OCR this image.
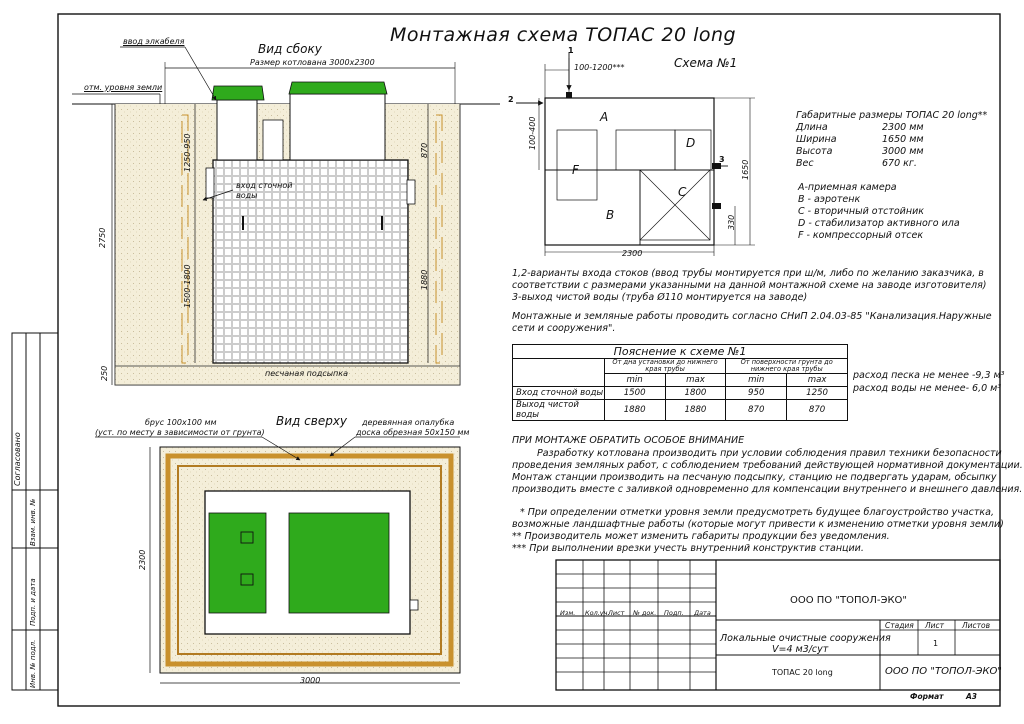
Монтажная схема ТОПАС 20 long
Вид сбоку
Размер котлована 3000х2300
ввод элкабеля
отм. уровня земли
вход сточной
воды
песчаная подсыпка
2750
1250-950
1500-1800
250
870
1880
Вид сверху
брус 100х100 мм
(уст. по месту в зависимости от грунта)
деревянная опалубка
доска обрезная 50х150 мм
2300
3000
Схема №1
1
2
3
100-1200***
100-400
1650
330
2300
A
D
F
C
B
Габаритные размеры ТОПАС 20 long**
Длина	2300 мм
Ширина	1650 мм
Высота	3000 мм
Вес	670 кг.
A-приемная камера
B - аэротенк
C - вторичный отстойник
D - стабилизатор активного ила
F - компрессорный отсек
1,2-варианты входа стоков (ввод трубы монтируется при ш/м, либо по желанию заказчика, в
соответствии с размерами указанными на данной монтажной схеме на заводе изготовителя)
3-выход чистой воды (труба Ø110 монтируется на заводе)
Монтажные и земляные работы проводить согласно СНиП 2.04.03-85 "Канализация.Наружные
сети и сооружения".
Пояснение к схеме №1				
	От дна установки до нижнего края трубы		От поверхности грунта до нижнего края трубы	
	min	max	min	max
Вход сточной воды	1500	1800	950	1250
Выход чистой воды	1880	1880	870	870
расход песка не менее -9,3 м³
расход воды не менее- 6,0 м³
ПРИ МОНТАЖЕ ОБРАТИТЬ ОСОБОЕ ВНИМАНИЕ
Разработку котлована производить при условии соблюдения правил техники безопасности
проведения земляных работ, с соблюдением требований действующей нормативной документации.
Монтаж станции производить на песчаную подсыпку, станцию не подвергать ударам, обсыпку
производить вместе с заливкой одновременно для компенсации внутреннего и внешнего давления.
* При определении отметки уровня земли предусмотреть будущее благоустройство участка,
возможные ландшафтные работы (которые могут привести к изменению отметки уровня земли)
** Производитель может изменить габариты продукции без уведомления.
*** При выполнении врезки учесть внутренний конструктив станции.
Изм. Кол.уч.
Лист № док. Подп. Дата
ООО ПО "ТОПОЛ-ЭКО"
Стадия Лист Листов
1
Локальные очистные сооружения
V=4 м3/сут
ТОПАС 20 long	ООО ПО "ТОПОЛ-ЭКО"
Формат	А3
Согласовано
Взам. инв. №
Подп. и дата
Инв. № подл.
